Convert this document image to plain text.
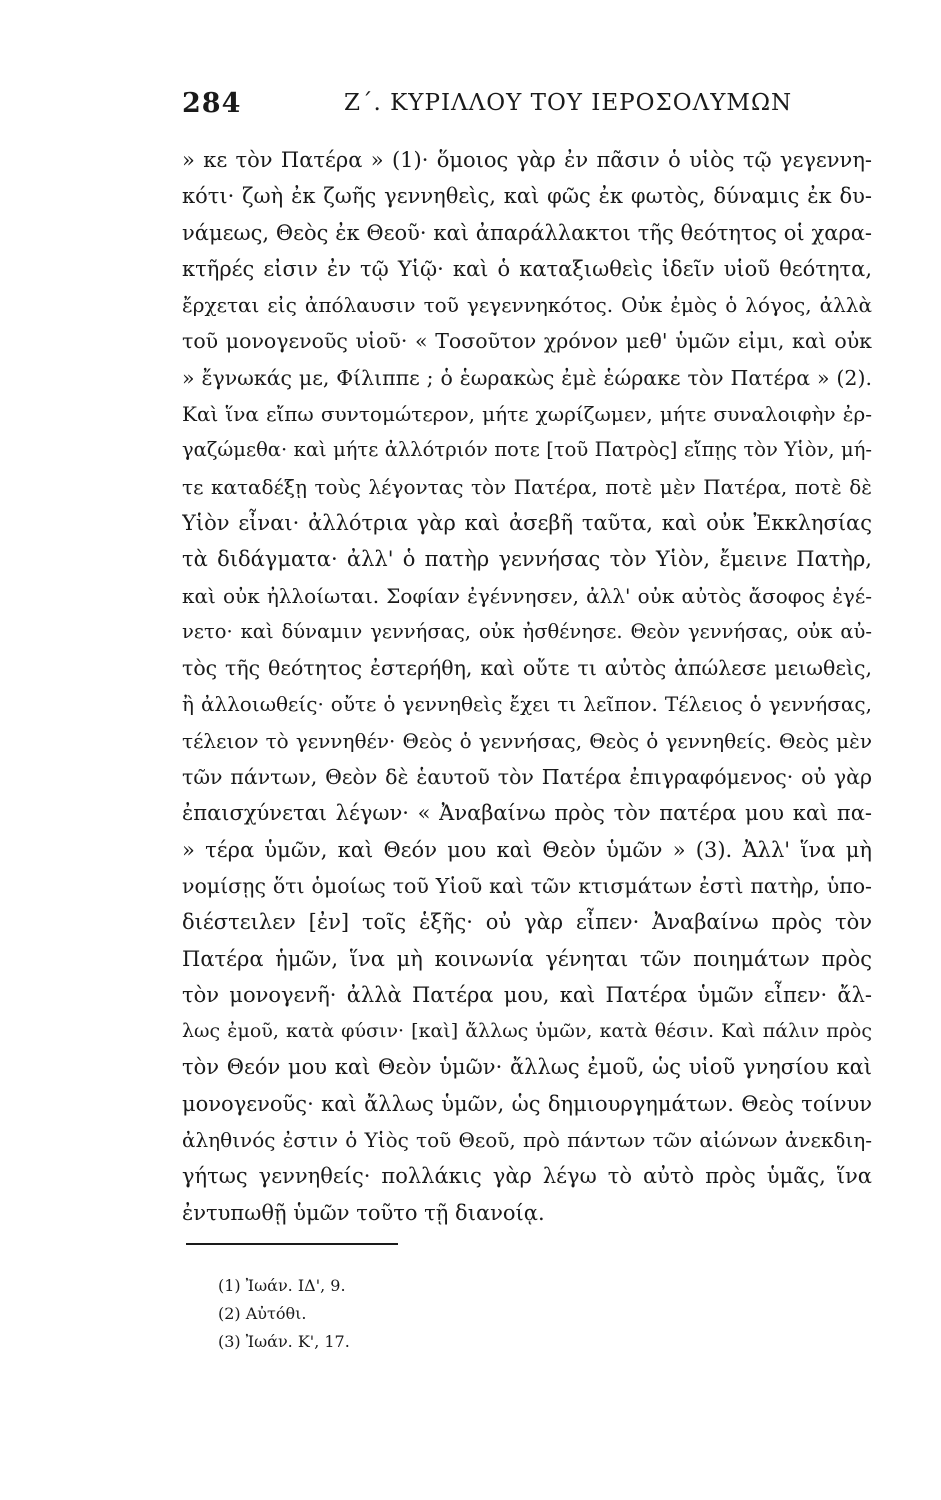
284	Ζ΄. ΚΥΡΙΛΛΟΥ ΤΟΥ ΙΕΡΟΣΟΛΥΜΩΝ
» κε τὸν Πατέρα » (1)· ὅμοιος γὰρ ἐν πᾶσιν ὁ υἱὸς τῷ γεγεννη-
κότι· ζωὴ ἐκ ζωῆς γεννηθεὶς, καὶ φῶς ἐκ φωτὸς, δύναμις ἐκ δυ-
νάμεως, Θεὸς ἐκ Θεοῦ· καὶ ἀπαράλλακτοι τῆς θεότητος οἱ χαρα-
κτῆρές εἰσιν ἐν τῷ Υἱῷ· καὶ ὁ καταξιωθεὶς ἰδεῖν υἱοῦ θεότητα,
ἔρχεται εἰς ἀπόλαυσιν τοῦ γεγεννηκότος. Οὐκ ἐμὸς ὁ λόγος, ἀλλὰ
τοῦ μονογενοῦς υἱοῦ· « Τοσοῦτον χρόνον μεθ' ὑμῶν εἰμι, καὶ οὐκ
» ἔγνωκάς με, Φίλιππε ; ὁ ἑωρακὼς ἐμὲ ἑώρακε τὸν Πατέρα » (2).
Καὶ ἵνα εἴπω συντομώτερον, μήτε χωρίζωμεν, μήτε συναλοιφὴν ἐρ-
γαζώμεθα· καὶ μήτε ἀλλότριόν ποτε [τοῦ Πατρὸς] εἴπῃς τὸν Υἱὸν, μή-
τε καταδέξῃ τοὺς λέγοντας τὸν Πατέρα, ποτὲ μὲν Πατέρα, ποτὲ δὲ
Υἱὸν εἶναι· ἀλλότρια γὰρ καὶ ἀσεβῆ ταῦτα, καὶ οὐκ Ἐκκλησίας
τὰ διδάγματα· ἀλλ' ὁ πατὴρ γεννήσας τὸν Υἱὸν, ἔμεινε Πατὴρ,
καὶ οὐκ ἠλλοίωται. Σοφίαν ἐγέννησεν, ἀλλ' οὐκ αὐτὸς ἄσοφος ἐγέ-
νετο· καὶ δύναμιν γεννήσας, οὐκ ἠσθένησε. Θεὸν γεννήσας, οὐκ αὐ-
τὸς τῆς θεότητος ἐστερήθη, καὶ οὔτε τι αὐτὸς ἀπώλεσε μειωθεὶς,
ἢ ἀλλοιωθείς· οὔτε ὁ γεννηθεὶς ἔχει τι λεῖπον. Τέλειος ὁ γεννήσας,
τέλειον τὸ γεννηθέν· Θεὸς ὁ γεννήσας, Θεὸς ὁ γεννηθείς. Θεὸς μὲν
τῶν πάντων, Θεὸν δὲ ἑαυτοῦ τὸν Πατέρα ἐπιγραφόμενος· οὐ γὰρ
ἐπαισχύνεται λέγων· « Ἀναβαίνω πρὸς τὸν πατέρα μου καὶ πα-
» τέρα ὑμῶν, καὶ Θεόν μου καὶ Θεὸν ὑμῶν » (3). Ἀλλ' ἵνα μὴ
νομίσῃς ὅτι ὁμοίως τοῦ Υἱοῦ καὶ τῶν κτισμάτων ἐστὶ πατὴρ, ὑπο-
διέστειλεν [ἐν] τοῖς ἑξῆς· οὐ γὰρ εἶπεν· Ἀναβαίνω πρὸς τὸν
Πατέρα ἡμῶν, ἵνα μὴ κοινωνία γένηται τῶν ποιημάτων πρὸς
τὸν μονογενῆ· ἀλλὰ Πατέρα μου, καὶ Πατέρα ὑμῶν εἶπεν· ἄλ-
λως ἐμοῦ, κατὰ φύσιν· [καὶ] ἄλλως ὑμῶν, κατὰ θέσιν. Καὶ πάλιν πρὸς
τὸν Θεόν μου καὶ Θεὸν ὑμῶν· ἄλλως ἐμοῦ, ὡς υἱοῦ γνησίου καὶ
μονογενοῦς· καὶ ἄλλως ὑμῶν, ὡς δημιουργημάτων. Θεὸς τοίνυν
ἀληθινός ἐστιν ὁ Υἱὸς τοῦ Θεοῦ, πρὸ πάντων τῶν αἰώνων ἀνεκδιη-
γήτως γεννηθείς· πολλάκις γὰρ λέγω τὸ αὐτὸ πρὸς ὑμᾶς, ἵνα
ἐντυπωθῇ ὑμῶν τοῦτο τῇ διανοίᾳ.
(1) Ἰωάν. ΙΔ', 9.
(2) Αὐτόθι.
(3) Ἰωάν. Κ', 17.
